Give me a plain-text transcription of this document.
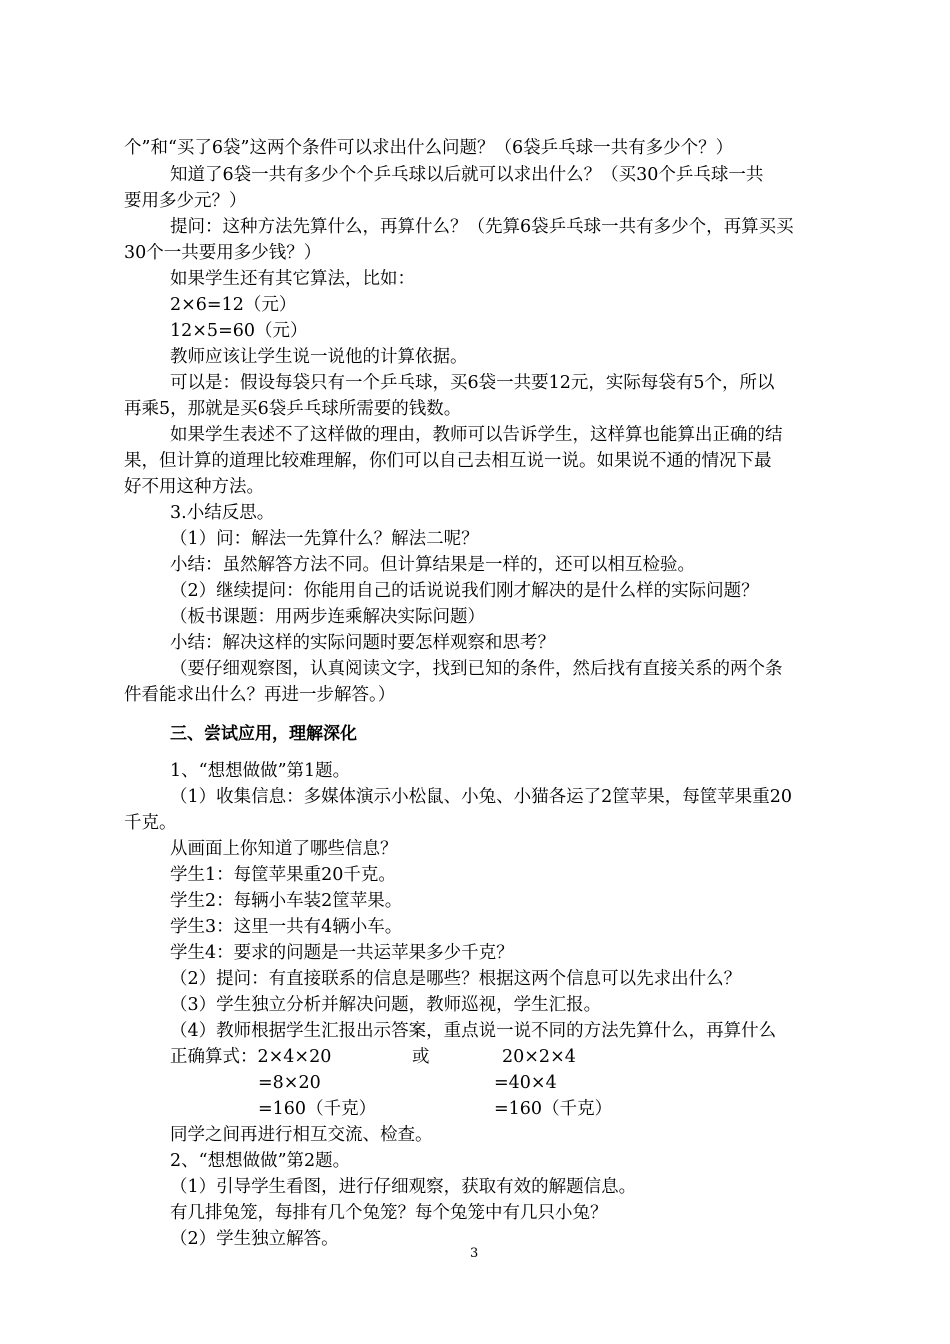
个”和“买了6袋”这两个条件可以求出什么问题？（6袋乒乓球一共有多少个？）
知道了6袋一共有多少个个乒乓球以后就可以求出什么？（买30个乒乓球一共
要用多少元？）
提问：这种方法先算什么，再算什么？（先算6袋乒乓球一共有多少个，再算买买
30个一共要用多少钱？）
如果学生还有其它算法，比如：
2×6=12（元）
12×5=60（元）
教师应该让学生说一说他的计算依据。
可以是：假设每袋只有一个乒乓球，买6袋一共要12元，实际每袋有5个，所以
再乘5，那就是买6袋乒乓球所需要的钱数。
如果学生表述不了这样做的理由，教师可以告诉学生，这样算也能算出正确的结
果，但计算的道理比较难理解，你们可以自己去相互说一说。如果说不通的情况下最
好不用这种方法。
3.小结反思。
（1）问：解法一先算什么？解法二呢？
小结：虽然解答方法不同。但计算结果是一样的，还可以相互检验。
（2）继续提问：你能用自己的话说说我们刚才解决的是什么样的实际问题？
（板书课题：用两步连乘解决实际问题）
小结：解决这样的实际问题时要怎样观察和思考？
（要仔细观察图，认真阅读文字，找到已知的条件，然后找有直接关系的两个条
件看能求出什么？再进一步解答。）
三、尝试应用，理解深化
1、“想想做做”第1题。
（1）收集信息：多媒体演示小松鼠、小兔、小猫各运了2筐苹果，每筐苹果重20
千克。
从画面上你知道了哪些信息？
学生1：每筐苹果重20千克。
学生2：每辆小车装2筐苹果。
学生3：这里一共有4辆小车。
学生4：要求的问题是一共运苹果多少千克？
（2）提问：有直接联系的信息是哪些？根据这两个信息可以先求出什么？
（3）学生独立分析并解决问题，教师巡视，学生汇报。
（4）教师根据学生汇报出示答案，重点说一说不同的方法先算什么，再算什么
正确算式：2×4×20	或	20×2×4
=8×20	=40×4
=160（千克）	=160（千克）
同学之间再进行相互交流、检查。
2、“想想做做”第2题。
（1）引导学生看图，进行仔细观察，获取有效的解题信息。
有几排兔笼，每排有几个兔笼？每个兔笼中有几只小兔？
（2）学生独立解答。
3
